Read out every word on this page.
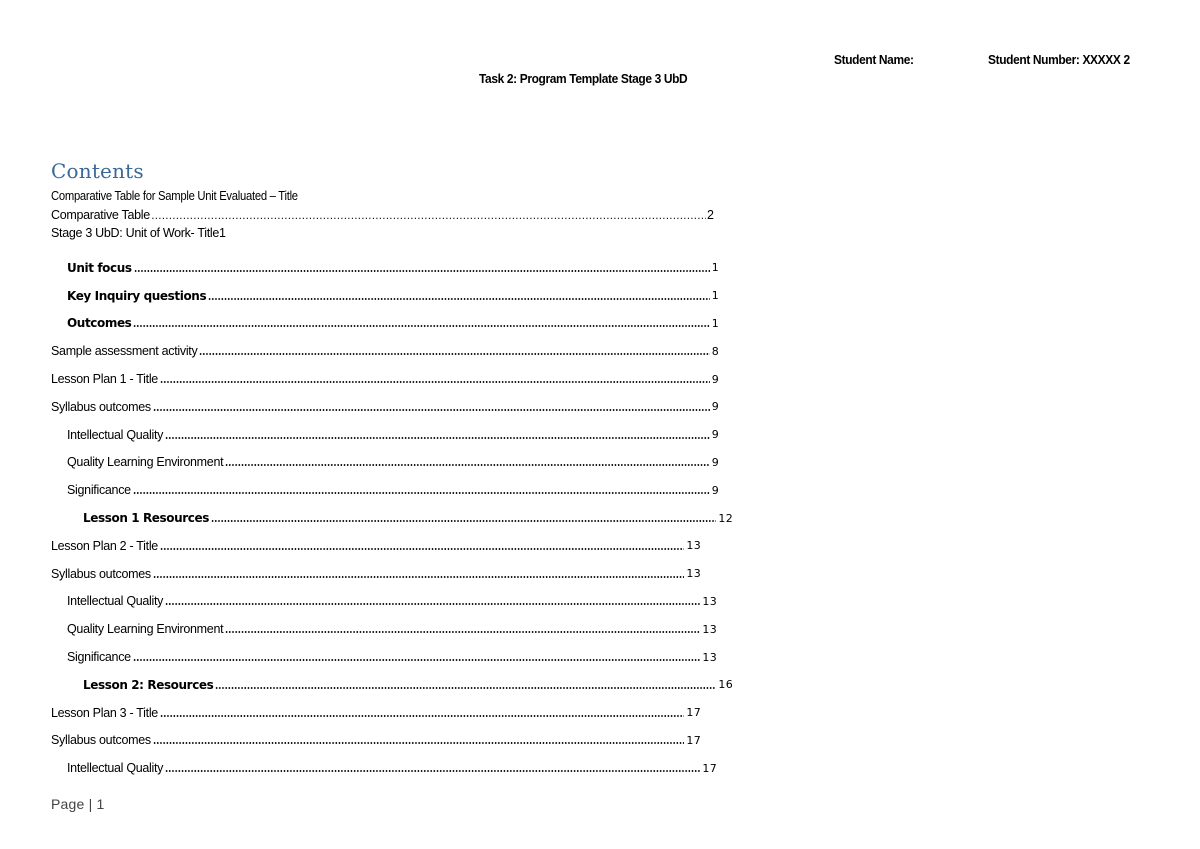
Student Name:	Student Number: XXXXX 2
Task 2: Program Template Stage 3 UbD
Contents
Comparative Table for Sample Unit Evaluated – Title
Comparative Table ……………………………………………………………………………………………………………………………………………………………………	2
Stage 3 UbD: Unit of Work- Title1
Unit focus	1
Key Inquiry questions	1
Outcomes	1
Sample assessment activity	8
Lesson Plan 1 - Title	9
Syllabus outcomes	9
Intellectual Quality	9
Quality Learning Environment	9
Significance	9
Lesson 1 Resources	12
Lesson Plan 2 - Title	13
Syllabus outcomes	13
Intellectual Quality	13
Quality Learning Environment	13
Significance	13
Lesson 2: Resources	16
Lesson Plan 3 - Title	17
Syllabus outcomes	17
Intellectual Quality	17
Page | 1
